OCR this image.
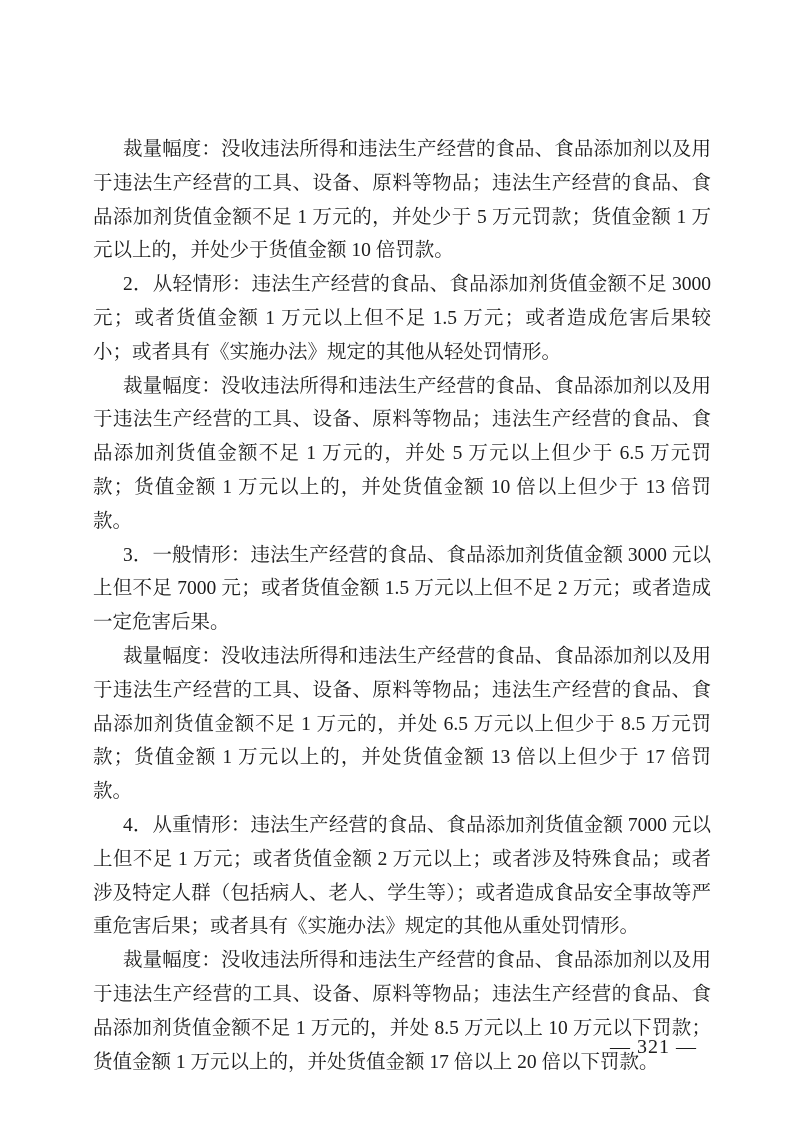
裁量幅度：没收违法所得和违法生产经营的食品、食品添加剂以及用于违法生产经营的工具、设备、原料等物品；违法生产经营的食品、食品添加剂货值金额不足 1 万元的，并处少于 5 万元罚款；货值金额 1 万元以上的，并处少于货值金额 10 倍罚款。

2．从轻情形：违法生产经营的食品、食品添加剂货值金额不足 3000 元；或者货值金额 1 万元以上但不足 1.5 万元；或者造成危害后果较小；或者具有《实施办法》规定的其他从轻处罚情形。

裁量幅度：没收违法所得和违法生产经营的食品、食品添加剂以及用于违法生产经营的工具、设备、原料等物品；违法生产经营的食品、食品添加剂货值金额不足 1 万元的，并处 5 万元以上但少于 6.5 万元罚款；货值金额 1 万元以上的，并处货值金额 10 倍以上但少于 13 倍罚款。

3．一般情形：违法生产经营的食品、食品添加剂货值金额 3000 元以上但不足 7000 元；或者货值金额 1.5 万元以上但不足 2 万元；或者造成一定危害后果。

裁量幅度：没收违法所得和违法生产经营的食品、食品添加剂以及用于违法生产经营的工具、设备、原料等物品；违法生产经营的食品、食品添加剂货值金额不足 1 万元的，并处 6.5 万元以上但少于 8.5 万元罚款；货值金额 1 万元以上的，并处货值金额 13 倍以上但少于 17 倍罚款。

4．从重情形：违法生产经营的食品、食品添加剂货值金额 7000 元以上但不足 1 万元；或者货值金额 2 万元以上；或者涉及特殊食品；或者涉及特定人群（包括病人、老人、学生等）；或者造成食品安全事故等严重危害后果；或者具有《实施办法》规定的其他从重处罚情形。

裁量幅度：没收违法所得和违法生产经营的食品、食品添加剂以及用于违法生产经营的工具、设备、原料等物品；违法生产经营的食品、食品添加剂货值金额不足 1 万元的，并处 8.5 万元以上 10 万元以下罚款；货值金额 1 万元以上的，并处货值金额 17 倍以上 20 倍以下罚款。

— 321 —
